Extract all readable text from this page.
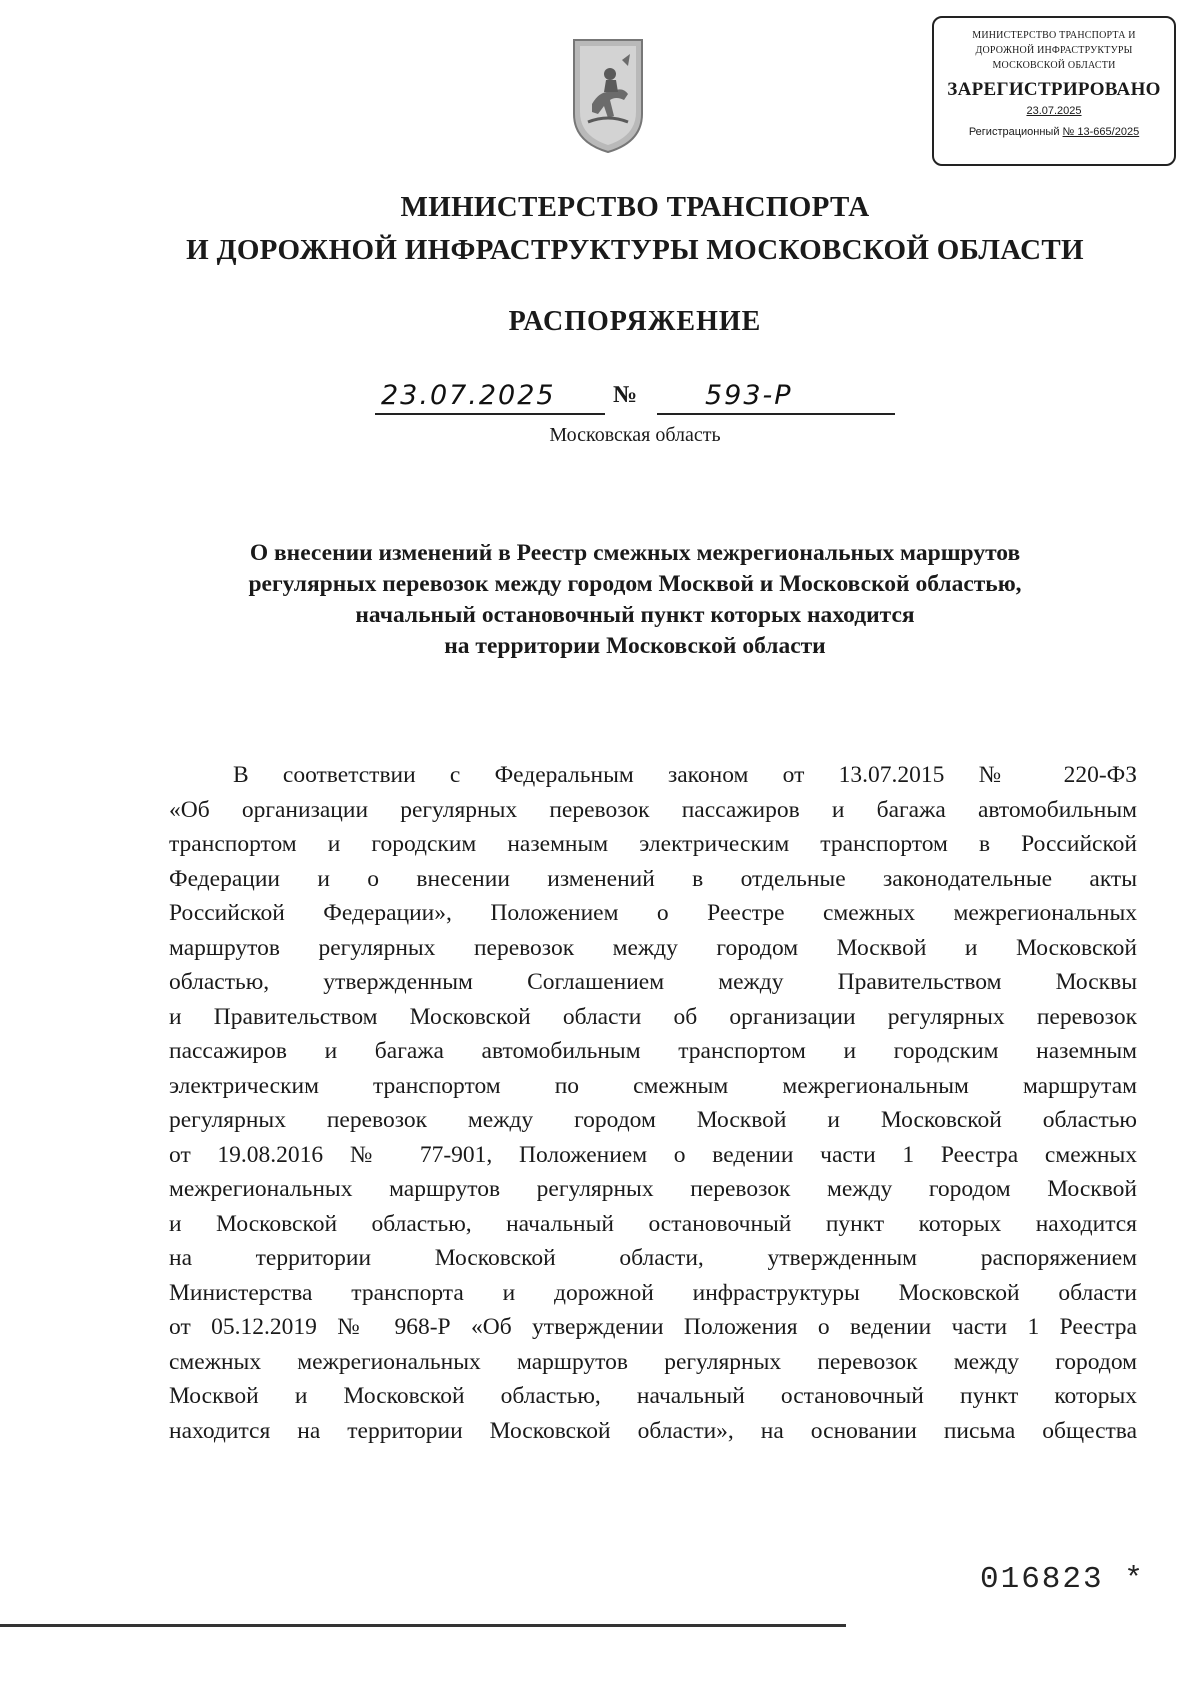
МИНИСТЕРСТВО ТРАНСПОРТА И
ДОРОЖНОЙ ИНФРАСТРУКТУРЫ
МОСКОВСКОЙ ОБЛАСТИ
ЗАРЕГИСТРИРОВАНО
23.07.2025
Регистрационный № 13-665/2025
МИНИСТЕРСТВО ТРАНСПОРТА
И ДОРОЖНОЙ ИНФРАСТРУКТУРЫ МОСКОВСКОЙ ОБЛАСТИ
РАСПОРЯЖЕНИЕ
23.07.2025 №	593-Р
Московская область
О внесении изменений в Реестр смежных межрегиональных маршрутов
регулярных перевозок между городом Москвой и Московской областью,
начальный остановочный пункт которых находится
на территории Московской области
В соответствии с Федеральным законом от 13.07.2015 № 220-ФЗ
«Об организации регулярных перевозок пассажиров и багажа автомобильным
транспортом и городским наземным электрическим транспортом в Российской
Федерации и о внесении изменений в отдельные законодательные акты
Российской Федерации», Положением о Реестре смежных межрегиональных
маршрутов регулярных перевозок между городом Москвой и Московской
областью, утвержденным Соглашением между Правительством Москвы
и Правительством Московской области об организации регулярных перевозок
пассажиров и багажа автомобильным транспортом и городским наземным
электрическим транспортом по смежным межрегиональным маршрутам
регулярных перевозок между городом Москвой и Московской областью
от 19.08.2016 № 77-901, Положением о ведении части 1 Реестра смежных
межрегиональных маршрутов регулярных перевозок между городом Москвой
и Московской областью, начальный остановочный пункт которых находится
на территории Московской области, утвержденным распоряжением
Министерства транспорта и дорожной инфраструктуры Московской области
от 05.12.2019 № 968-Р «Об утверждении Положения о ведении части 1 Реестра
смежных межрегиональных маршрутов регулярных перевозок между городом
Москвой и Московской областью, начальный остановочный пункт которых
находится на территории Московской области», на основании письма общества
016823 *
